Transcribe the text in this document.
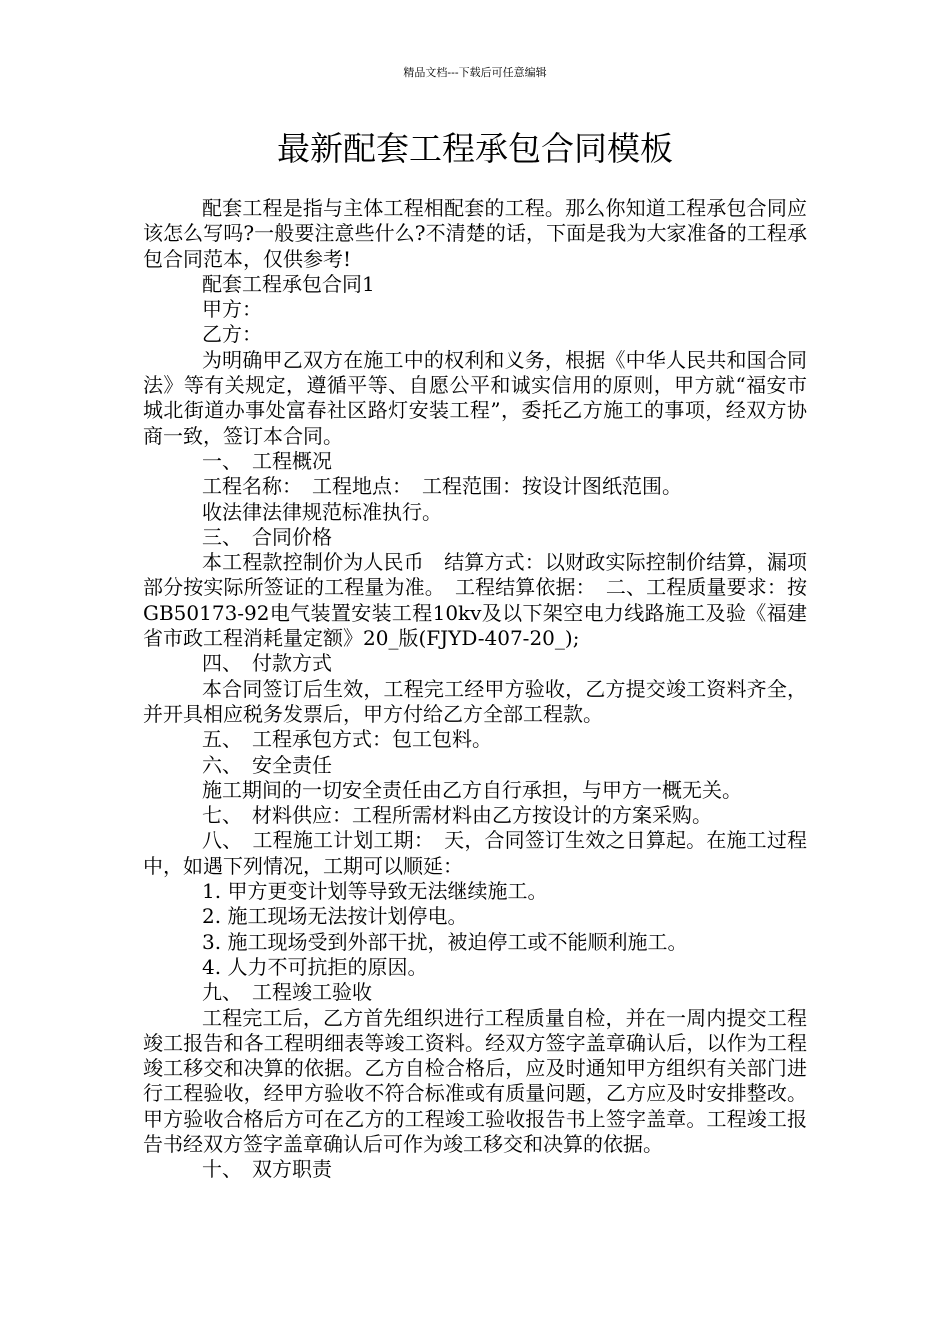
精品文档---下载后可任意编辑
最新配套工程承包合同模板

配套工程是指与主体工程相配套的工程。那么你知道工程承包合同应该怎么写吗?一般要注意些什么?不清楚的话，下面是我为大家准备的工程承包合同范本，仅供参考!

配套工程承包合同1

甲方：

乙方：

为明确甲乙双方在施工中的权利和义务，根据《中华人民共和国合同法》等有关规定，遵循平等、自愿公平和诚实信用的原则，甲方就“福安市城北街道办事处富春社区路灯安装工程”，委托乙方施工的事项，经双方协商一致，签订本合同。

一、　工程概况

工程名称：　工程地点：　工程范围：按设计图纸范围。

收法律法律规范标准执行。

三、　合同价格

本工程款控制价为人民币　结算方式：以财政实际控制价结算，漏项部分按实际所签证的工程量为准。　工程结算依据：　二、工程质量要求：按GB50173-92电气装置安装工程10kv及以下架空电力线路施工及验《福建省市政工程消耗量定额》20_版(FJYD-407-20_);

四、　付款方式

本合同签订后生效，工程完工经甲方验收，乙方提交竣工资料齐全，并开具相应税务发票后，甲方付给乙方全部工程款。

五、　工程承包方式：包工包料。

六、　安全责任

施工期间的一切安全责任由乙方自行承担，与甲方一概无关。

七、　材料供应：工程所需材料由乙方按设计的方案采购。

八、　工程施工计划工期：　天，合同签订生效之日算起。在施工过程中，如遇下列情况，工期可以顺延：

1. 甲方更变计划等导致无法继续施工。

2. 施工现场无法按计划停电。

3. 施工现场受到外部干扰，被迫停工或不能顺利施工。

4. 人力不可抗拒的原因。

九、　工程竣工验收

工程完工后，乙方首先组织进行工程质量自检，并在一周内提交工程竣工报告和各工程明细表等竣工资料。经双方签字盖章确认后，以作为工程竣工移交和决算的依据。乙方自检合格后，应及时通知甲方组织有关部门进行工程验收，经甲方验收不符合标准或有质量问题，乙方应及时安排整改。甲方验收合格后方可在乙方的工程竣工验收报告书上签字盖章。工程竣工报告书经双方签字盖章确认后可作为竣工移交和决算的依据。

十、　双方职责
